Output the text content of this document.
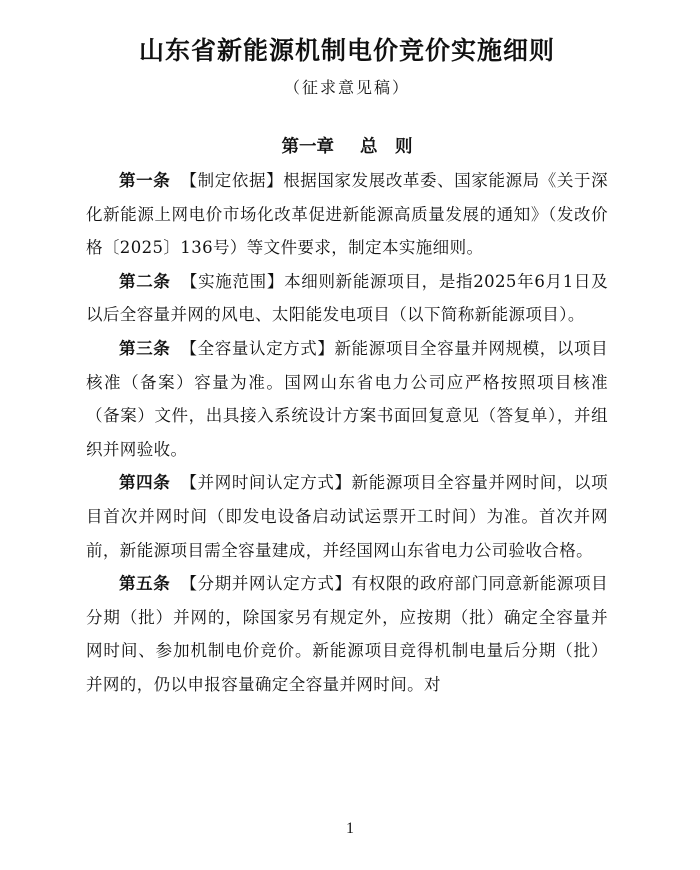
山东省新能源机制电价竞价实施细则
（征求意见稿）
第一章 总　则

第一条 【制定依据】根据国家发展改革委、国家能源局《关于深化新能源上网电价市场化改革促进新能源高质量发展的通知》（发改价格〔2025〕136号）等文件要求，制定本实施细则。

第二条 【实施范围】本细则新能源项目，是指2025年6月1日及以后全容量并网的风电、太阳能发电项目（以下简称新能源项目）。

第三条 【全容量认定方式】新能源项目全容量并网规模，以项目核准（备案）容量为准。国网山东省电力公司应严格按照项目核准（备案）文件，出具接入系统设计方案书面回复意见（答复单），并组织并网验收。

第四条 【并网时间认定方式】新能源项目全容量并网时间，以项目首次并网时间（即发电设备启动试运票开工时间）为准。首次并网前，新能源项目需全容量建成，并经国网山东省电力公司验收合格。

第五条 【分期并网认定方式】有权限的政府部门同意新能源项目分期（批）并网的，除国家另有规定外，应按期（批）确定全容量并网时间、参加机制电价竞价。新能源项目竞得机制电量后分期（批）并网的，仍以申报容量确定全容量并网时间。对

1
